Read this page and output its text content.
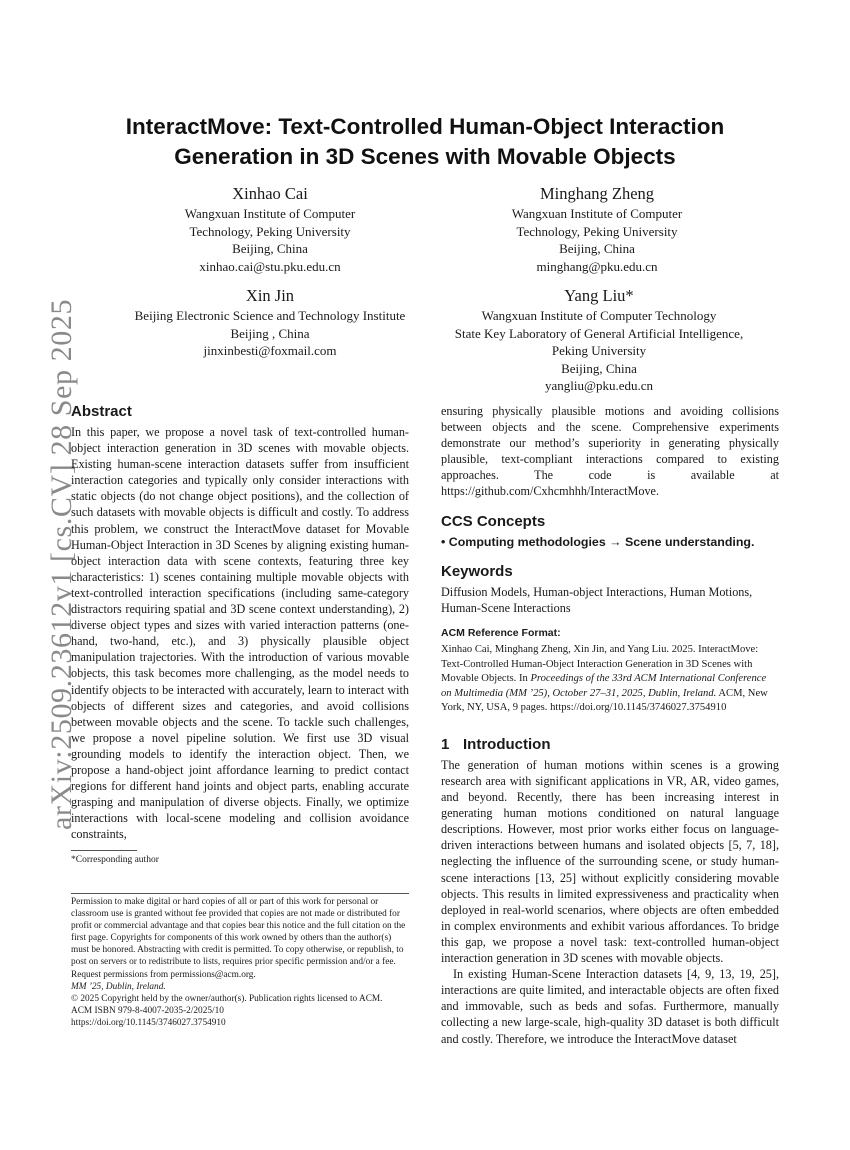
arXiv:2509.23612v1 [cs.CV] 28 Sep 2025
InteractMove: Text-Controlled Human-Object Interaction
Generation in 3D Scenes with Movable Objects
Xinhao Cai
Wangxuan Institute of Computer
Technology, Peking University
Beijing, China
xinhao.cai@stu.pku.edu.cn
Minghang Zheng
Wangxuan Institute of Computer
Technology, Peking University
Beijing, China
minghang@pku.edu.cn
Xin Jin
Beijing Electronic Science and Technology Institute
Beijing , China
jinxinbesti@foxmail.com
Yang Liu*
Wangxuan Institute of Computer Technology
State Key Laboratory of General Artificial Intelligence,
Peking University
Beijing, China
yangliu@pku.edu.cn
Abstract

In this paper, we propose a novel task of text-controlled human-object interaction generation in 3D scenes with movable objects. Existing human-scene interaction datasets suffer from insufficient interaction categories and typically only consider interactions with static objects (do not change object positions), and the collection of such datasets with movable objects is difficult and costly. To address this problem, we construct the InteractMove dataset for Movable Human-Object Interaction in 3D Scenes by aligning existing human-object interaction data with scene contexts, featuring three key characteristics: 1) scenes containing multiple movable objects with text-controlled interaction specifications (including same-category distractors requiring spatial and 3D scene context understanding), 2) diverse object types and sizes with varied interaction patterns (one-hand, two-hand, etc.), and 3) physically plausible object manipulation trajectories. With the introduction of various movable objects, this task becomes more challenging, as the model needs to identify objects to be interacted with accurately, learn to interact with objects of different sizes and categories, and avoid collisions between movable objects and the scene. To tackle such challenges, we propose a novel pipeline solution. We first use 3D visual grounding models to identify the interaction object. Then, we propose a hand-object joint affordance learning to predict contact regions for different hand joints and object parts, enabling accurate grasping and manipulation of diverse objects. Finally, we optimize interactions with local-scene modeling and collision avoidance constraints,

*Corresponding author

Permission to make digital or hard copies of all or part of this work for personal or classroom use is granted without fee provided that copies are not made or distributed for profit or commercial advantage and that copies bear this notice and the full citation on the first page. Copyrights for components of this work owned by others than the author(s) must be honored. Abstracting with credit is permitted. To copy otherwise, or republish, to post on servers or to redistribute to lists, requires prior specific permission and/or a fee. Request permissions from permissions@acm.org.

MM ’25, Dublin, Ireland.

© 2025 Copyright held by the owner/author(s). Publication rights licensed to ACM.

ACM ISBN 979-8-4007-2035-2/2025/10

https://doi.org/10.1145/3746027.3754910

ensuring physically plausible motions and avoiding collisions between objects and the scene. Comprehensive experiments demonstrate our method’s superiority in generating physically plausible, text-compliant interactions compared to existing approaches. The code is available at https://github.com/Cxhcmhhh/InteractMove.

CCS Concepts

• Computing methodologies → Scene understanding.

Keywords

Diffusion Models, Human-object Interactions, Human Motions, Human-Scene Interactions

ACM Reference Format:

Xinhao Cai, Minghang Zheng, Xin Jin, and Yang Liu. 2025. InteractMove: Text-Controlled Human-Object Interaction Generation in 3D Scenes with Movable Objects. In Proceedings of the 33rd ACM International Conference on Multimedia (MM ’25), October 27–31, 2025, Dublin, Ireland. ACM, New York, NY, USA, 9 pages. https://doi.org/10.1145/3746027.3754910

1 Introduction

The generation of human motions within scenes is a growing research area with significant applications in VR, AR, video games, and beyond. Recently, there has been increasing interest in generating human motions conditioned on natural language descriptions. However, most prior works either focus on language-driven interactions between humans and isolated objects [5, 7, 18], neglecting the influence of the surrounding scene, or study human-scene interactions [13, 25] without explicitly considering movable objects. This results in limited expressiveness and practicality when deployed in real-world scenarios, where objects are often embedded in complex environments and exhibit various affordances. To bridge this gap, we propose a novel task: text-controlled human-object interaction generation in 3D scenes with movable objects.

In existing Human-Scene Interaction datasets [4, 9, 13, 19, 25], interactions are quite limited, and interactable objects are often fixed and immovable, such as beds and sofas. Furthermore, manually collecting a new large-scale, high-quality 3D dataset is both difficult and costly. Therefore, we introduce the InteractMove dataset
